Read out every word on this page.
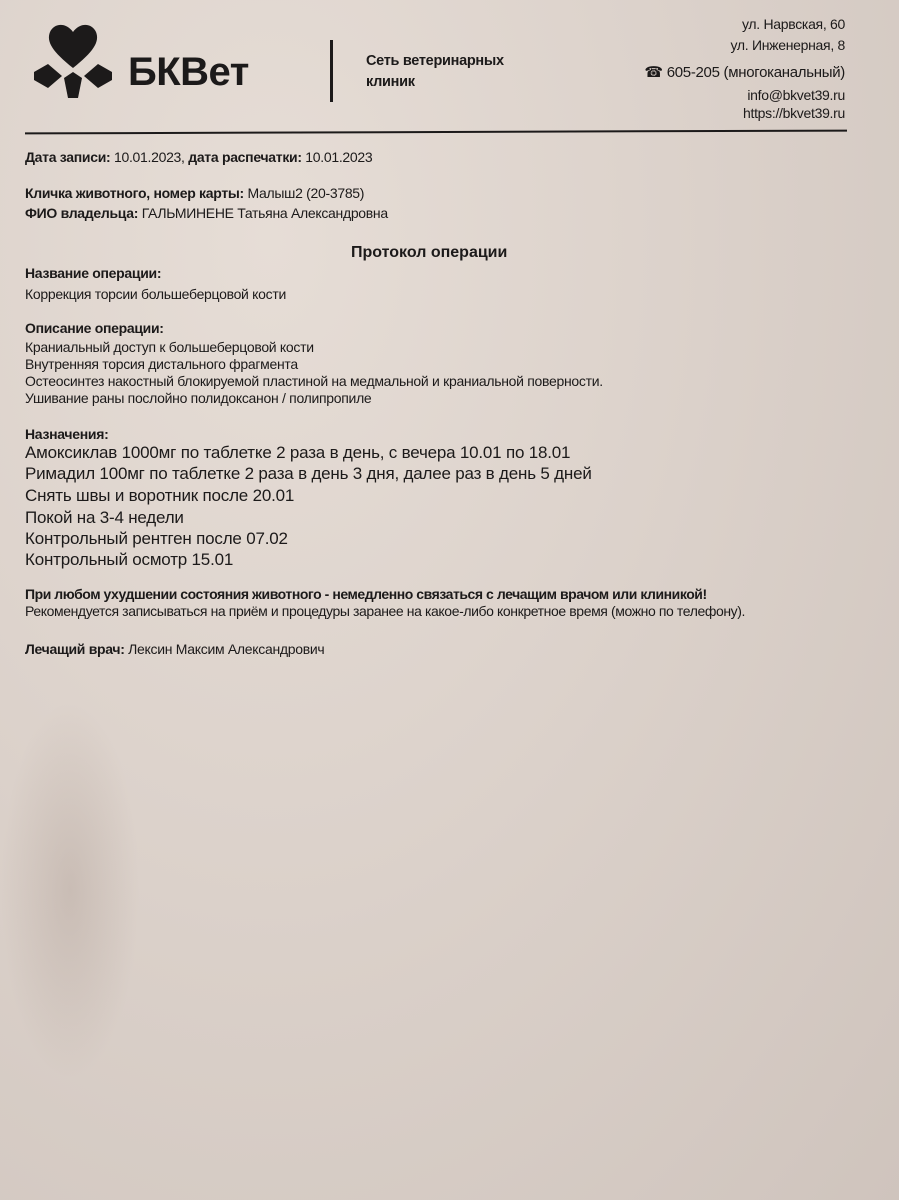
БКВет	Сеть ветеринарных
клиник
ул. Нарвская, 60
ул. Инженерная, 8
☎ 605-205 (многоканальный)
info@bkvet39.ru
https://bkvet39.ru
Дата записи: 10.01.2023, дата распечатки: 10.01.2023
Кличка животного, номер карты: Малыш2 (20-3785)
ФИО владельца: ГАЛЬМИНЕНЕ Татьяна Александровна
Протокол операции
Название операции:
Коррекция торсии большеберцовой кости
Описание операции:
Краниальный доступ к большеберцовой кости
Внутренняя торсия дистального фрагмента
Остеосинтез накостный блокируемой пластиной на медмальной и краниальной поверности.
Ушивание раны послойно полидоксанон / полипропиле
Назначения:
Амоксиклав 1000мг по таблетке 2 раза в день, с вечера 10.01 по 18.01
Римадил 100мг по таблетке 2 раза в день 3 дня, далее раз в день 5 дней
Снять швы и воротник после 20.01
Покой на 3-4 недели
Контрольный рентген после 07.02
Контрольный осмотр 15.01
При любом ухудшении состояния животного - немедленно связаться с лечащим врачом или клиникой!
Рекомендуется записываться на приём и процедуры заранее на какое-либо конкретное время (можно по телефону).
Лечащий врач: Лексин Максим Александрович
